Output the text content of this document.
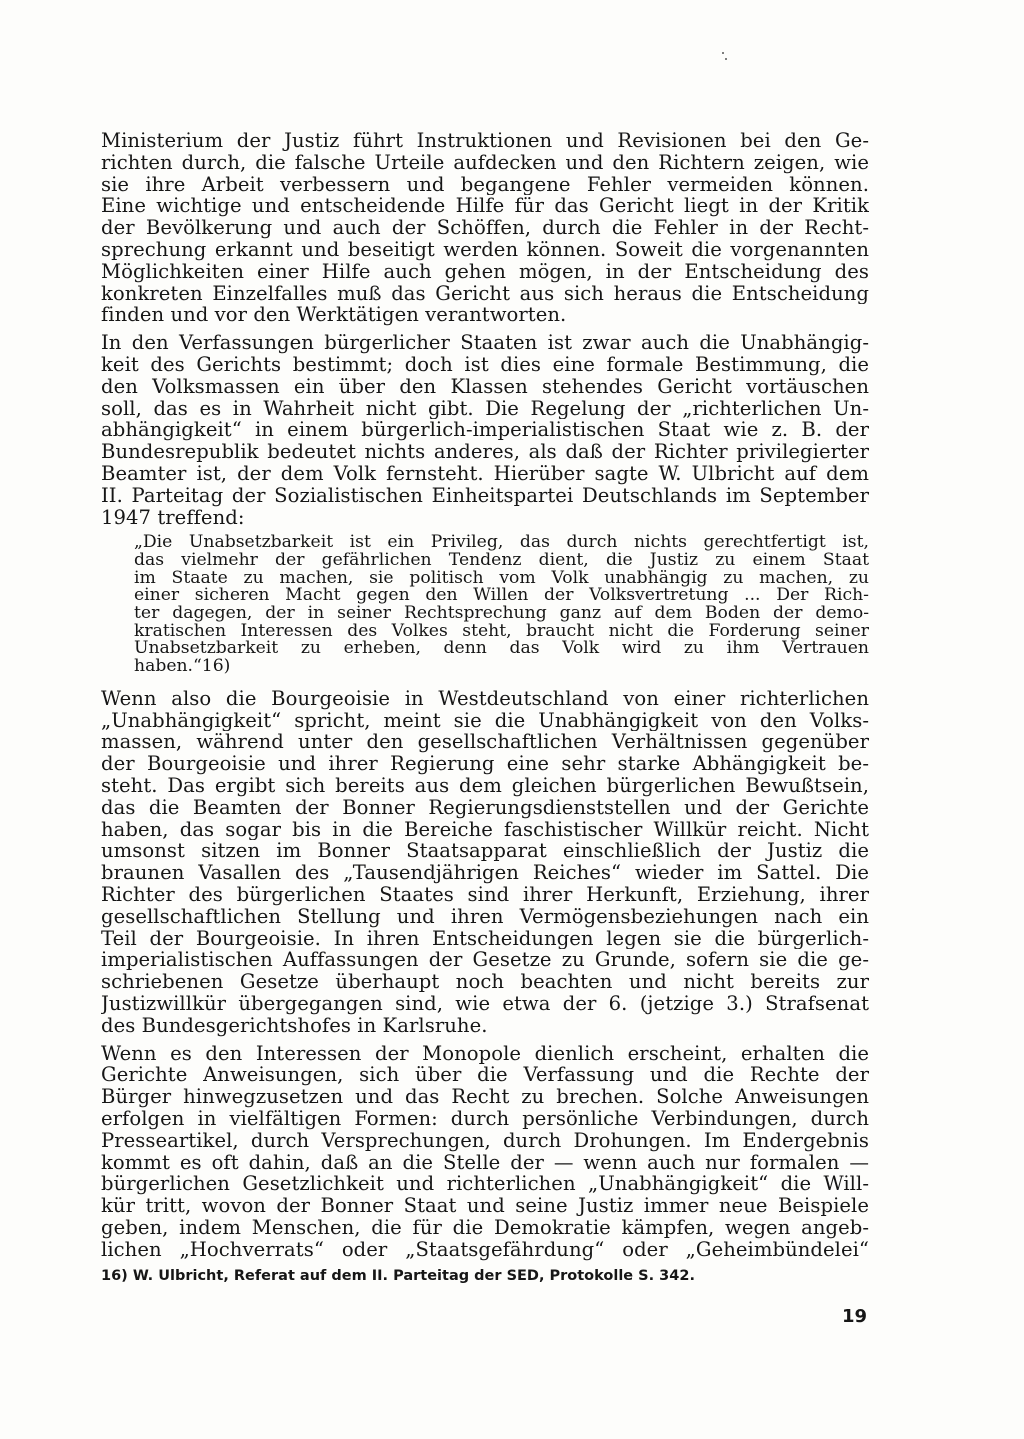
Ministerium der Justiz führt Instruktionen und Revisionen bei den Ge-
richten durch, die falsche Urteile aufdecken und den Richtern zeigen, wie
sie ihre Arbeit verbessern und begangene Fehler vermeiden können.
Eine wichtige und entscheidende Hilfe für das Gericht liegt in der Kritik
der Bevölkerung und auch der Schöffen, durch die Fehler in der Recht-
sprechung erkannt und beseitigt werden können. Soweit die vorgenannten
Möglichkeiten einer Hilfe auch gehen mögen, in der Entscheidung des
konkreten Einzelfalles muß das Gericht aus sich heraus die Entscheidung
finden und vor den Werktätigen verantworten.
In den Verfassungen bürgerlicher Staaten ist zwar auch die Unabhängig-
keit des Gerichts bestimmt; doch ist dies eine formale Bestimmung, die
den Volksmassen ein über den Klassen stehendes Gericht vortäuschen
soll, das es in Wahrheit nicht gibt. Die Regelung der „richterlichen Un-
abhängigkeit“ in einem bürgerlich-imperialistischen Staat wie z. B. der
Bundesrepublik bedeutet nichts anderes, als daß der Richter privilegierter
Beamter ist, der dem Volk fernsteht. Hierüber sagte W. Ulbricht auf dem
II. Parteitag der Sozialistischen Einheitspartei Deutschlands im September
1947 treffend:
„Die Unabsetzbarkeit ist ein Privileg, das durch nichts gerechtfertigt ist,
das vielmehr der gefährlichen Tendenz dient, die Justiz zu einem Staat
im Staate zu machen, sie politisch vom Volk unabhängig zu machen, zu
einer sicheren Macht gegen den Willen der Volksvertretung ... Der Rich-
ter dagegen, der in seiner Rechtsprechung ganz auf dem Boden der demo-
kratischen Interessen des Volkes steht, braucht nicht die Forderung seiner
Unabsetzbarkeit zu erheben, denn das Volk wird zu ihm Vertrauen
haben.“16)
Wenn also die Bourgeoisie in Westdeutschland von einer richterlichen
„Unabhängigkeit“ spricht, meint sie die Unabhängigkeit von den Volks-
massen, während unter den gesellschaftlichen Verhältnissen gegenüber
der Bourgeoisie und ihrer Regierung eine sehr starke Abhängigkeit be-
steht. Das ergibt sich bereits aus dem gleichen bürgerlichen Bewußtsein,
das die Beamten der Bonner Regierungsdienststellen und der Gerichte
haben, das sogar bis in die Bereiche faschistischer Willkür reicht. Nicht
umsonst sitzen im Bonner Staatsapparat einschließlich der Justiz die
braunen Vasallen des „Tausendjährigen Reiches“ wieder im Sattel. Die
Richter des bürgerlichen Staates sind ihrer Herkunft, Erziehung, ihrer
gesellschaftlichen Stellung und ihren Vermögensbeziehungen nach ein
Teil der Bourgeoisie. In ihren Entscheidungen legen sie die bürgerlich-
imperialistischen Auffassungen der Gesetze zu Grunde, sofern sie die ge-
schriebenen Gesetze überhaupt noch beachten und nicht bereits zur
Justizwillkür übergegangen sind, wie etwa der 6. (jetzige 3.) Strafsenat
des Bundesgerichtshofes in Karlsruhe.
Wenn es den Interessen der Monopole dienlich erscheint, erhalten die
Gerichte Anweisungen, sich über die Verfassung und die Rechte der
Bürger hinwegzusetzen und das Recht zu brechen. Solche Anweisungen
erfolgen in vielfältigen Formen: durch persönliche Verbindungen, durch
Presseartikel, durch Versprechungen, durch Drohungen. Im Endergebnis
kommt es oft dahin, daß an die Stelle der — wenn auch nur formalen —
bürgerlichen Gesetzlichkeit und richterlichen „Unabhängigkeit“ die Will-
kür tritt, wovon der Bonner Staat und seine Justiz immer neue Beispiele
geben, indem Menschen, die für die Demokratie kämpfen, wegen angeb-
lichen „Hochverrats“ oder „Staatsgefährdung“ oder „Geheimbündelei“
16) W. Ulbricht, Referat auf dem II. Parteitag der SED, Protokolle S. 342.
19
